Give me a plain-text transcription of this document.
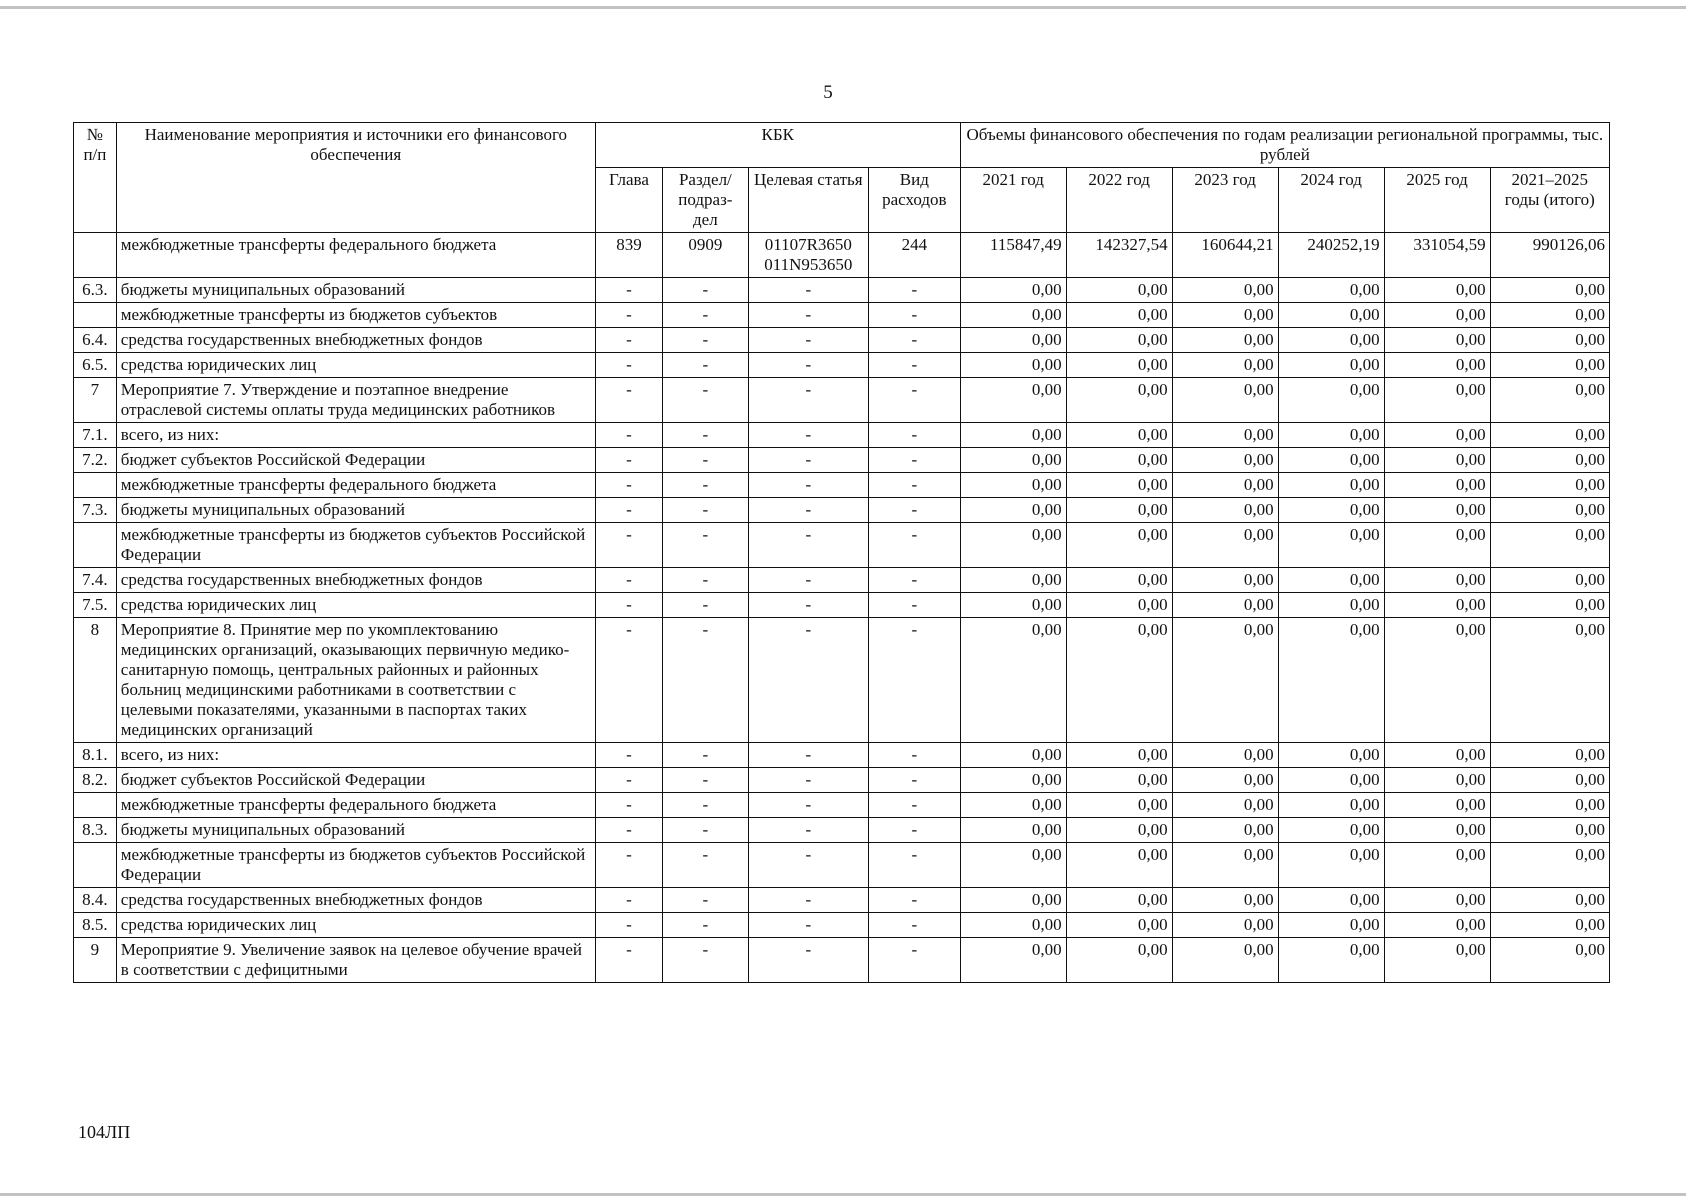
5
№ п/п	Наименование мероприятия и источники его финансового обеспечения	КБК				Объемы финансового обеспечения по годам реализации региональной программы, тыс. рублей					
		Глава	Раздел/ подраз- дел	Целевая статья	Вид расходов	2021 год	2022 год	2023 год	2024 год	2025 год	2021–2025 годы (итого)
	межбюджетные трансферты федерального бюджета	839	0909	01107R3650 011N953650	244	115847,49	142327,54	160644,21	240252,19	331054,59	990126,06
6.3.	бюджеты муниципальных образований	-	-	-	-	0,00	0,00	0,00	0,00	0,00	0,00
	межбюджетные трансферты из бюджетов субъектов	-	-	-	-	0,00	0,00	0,00	0,00	0,00	0,00
6.4.	средства государственных внебюджетных фондов	-	-	-	-	0,00	0,00	0,00	0,00	0,00	0,00
6.5.	средства юридических лиц	-	-	-	-	0,00	0,00	0,00	0,00	0,00	0,00
7	Мероприятие 7. Утверждение и поэтапное внедрение отраслевой системы оплаты труда медицинских работников	-	-	-	-	0,00	0,00	0,00	0,00	0,00	0,00
7.1.	всего, из них:	-	-	-	-	0,00	0,00	0,00	0,00	0,00	0,00
7.2.	бюджет субъектов Российской Федерации	-	-	-	-	0,00	0,00	0,00	0,00	0,00	0,00
	межбюджетные трансферты федерального бюджета	-	-	-	-	0,00	0,00	0,00	0,00	0,00	0,00
7.3.	бюджеты муниципальных образований	-	-	-	-	0,00	0,00	0,00	0,00	0,00	0,00
	межбюджетные трансферты из бюджетов субъектов Российской Федерации	-	-	-	-	0,00	0,00	0,00	0,00	0,00	0,00
7.4.	средства государственных внебюджетных фондов	-	-	-	-	0,00	0,00	0,00	0,00	0,00	0,00
7.5.	средства юридических лиц	-	-	-	-	0,00	0,00	0,00	0,00	0,00	0,00
8	Мероприятие 8. Принятие мер по укомплектованию медицинских организаций, оказывающих первичную медико-санитарную помощь, центральных районных и районных больниц медицинскими работниками в соответствии с целевыми показателями, указанными в паспортах таких медицинских организаций	-	-	-	-	0,00	0,00	0,00	0,00	0,00	0,00
8.1.	всего, из них:	-	-	-	-	0,00	0,00	0,00	0,00	0,00	0,00
8.2.	бюджет субъектов Российской Федерации	-	-	-	-	0,00	0,00	0,00	0,00	0,00	0,00
	межбюджетные трансферты федерального бюджета	-	-	-	-	0,00	0,00	0,00	0,00	0,00	0,00
8.3.	бюджеты муниципальных образований	-	-	-	-	0,00	0,00	0,00	0,00	0,00	0,00
	межбюджетные трансферты из бюджетов субъектов Российской Федерации	-	-	-	-	0,00	0,00	0,00	0,00	0,00	0,00
8.4.	средства государственных внебюджетных фондов	-	-	-	-	0,00	0,00	0,00	0,00	0,00	0,00
8.5.	средства юридических лиц	-	-	-	-	0,00	0,00	0,00	0,00	0,00	0,00
9	Мероприятие 9. Увеличение заявок на целевое обучение врачей в соответствии с дефицитными	-	-	-	-	0,00	0,00	0,00	0,00	0,00	0,00
104ЛП
